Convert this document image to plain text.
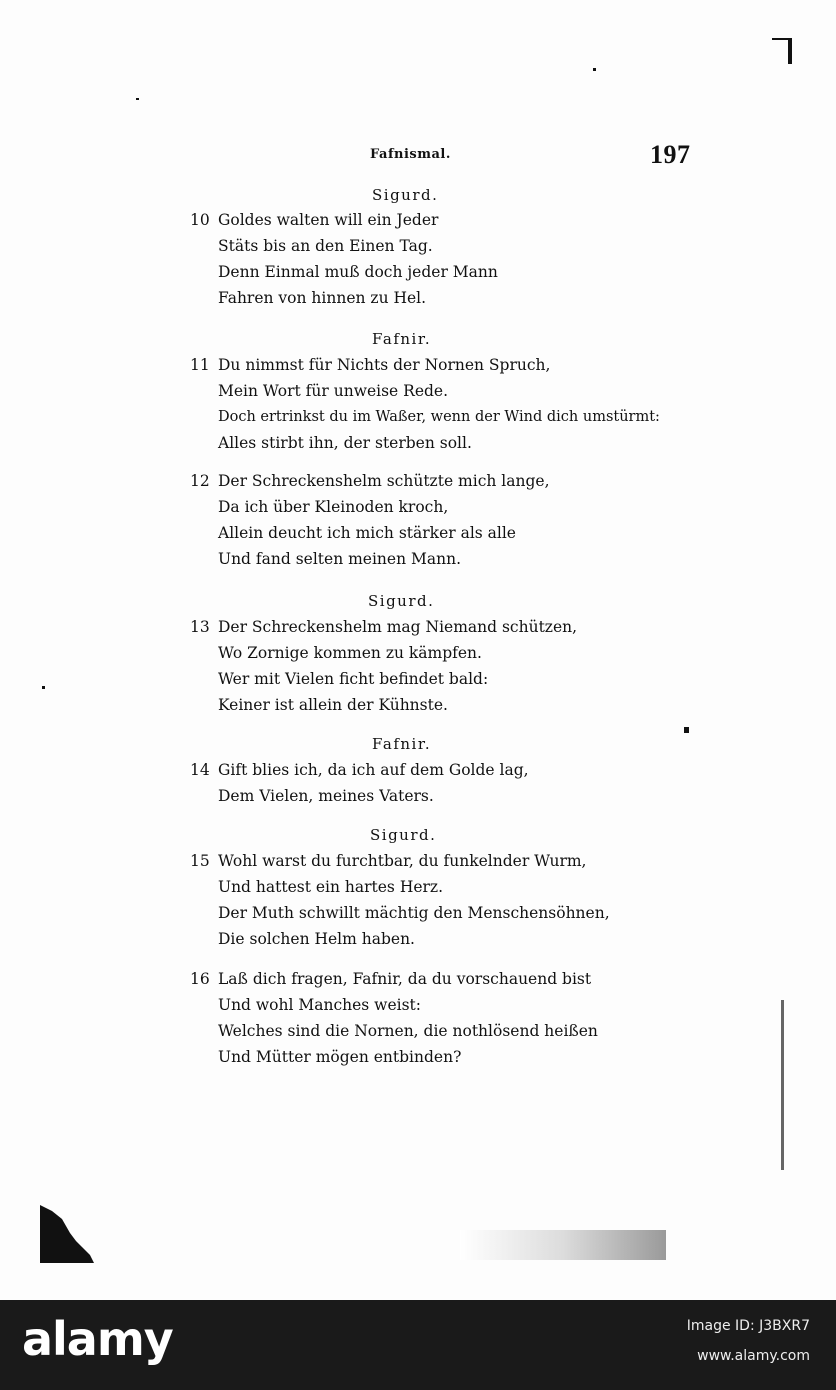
Fafnismal.	197
Sigurd.
10 Goldes walten will ein Jeder
Stäts bis an den Einen Tag.
Denn Einmal muß doch jeder Mann
Fahren von hinnen zu Hel.
Fafnir.
11 Du nimmst für Nichts der Nornen Spruch,
Mein Wort für unweise Rede.
Doch ertrinkst du im Waßer, wenn der Wind dich umstürmt:
Alles stirbt ihn, der sterben soll.
12 Der Schreckenshelm schützte mich lange,
Da ich über Kleinoden kroch,
Allein deucht ich mich stärker als alle
Und fand selten meinen Mann.
Sigurd.
13 Der Schreckenshelm mag Niemand schützen,
Wo Zornige kommen zu kämpfen.
Wer mit Vielen ficht befindet bald:
Keiner ist allein der Kühnste.
Fafnir.
14 Gift blies ich, da ich auf dem Golde lag,
Dem Vielen, meines Vaters.
Sigurd.
15 Wohl warst du furchtbar, du funkelnder Wurm,
Und hattest ein hartes Herz.
Der Muth schwillt mächtig den Menschensöhnen,
Die solchen Helm haben.
16 Laß dich fragen, Fafnir, da du vorschauend bist
Und wohl Manches weist:
Welches sind die Nornen, die nothlösend heißen
Und Mütter mögen entbinden?
alamy	Image ID: J3BXR7
www.alamy.com
